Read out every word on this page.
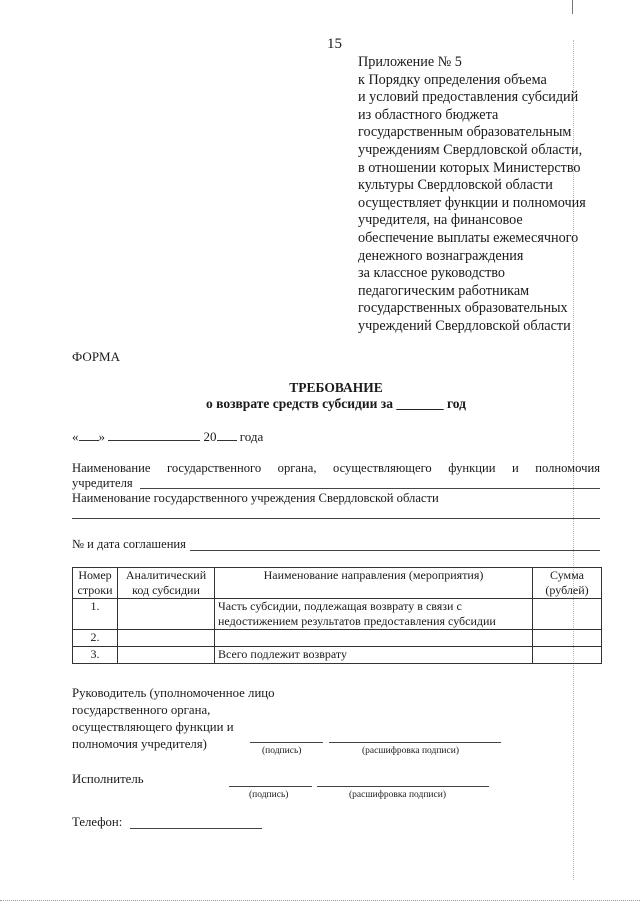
15
Приложение № 5
к Порядку определения объема
и условий предоставления субсидий
из областного бюджета
государственным образовательным
учреждениям Свердловской области,
в отношении которых Министерство
культуры Свердловской области
осуществляет функции и полномочия
учредителя, на финансовое
обеспечение выплаты ежемесячного
денежного вознаграждения
за классное руководство
педагогическим работникам
государственных образовательных
учреждений Свердловской области
ФОРМА
ТРЕБОВАНИЕ
о возврате средств субсидии за _______ год
« »	20 года
Наименование государственного органа, осуществляющего функции и полномочия
учредителя
Наименование государственного учреждения Свердловской области
№ и дата соглашения
Номер строки	Аналитический код субсидии	Наименование направления (мероприятия)	Сумма (рублей)
1.		Часть субсидии, подлежащая возврату в связи с недостижением результатов предоставления субсидии	
2.			
3.		Всего подлежит возврату	
Руководитель (уполномоченное лицо
государственного органа,
осуществляющего функции и
полномочия учредителя)	(подпись)	(расшифровка подписи)
Исполнитель
(подпись)	(расшифровка подписи)
Телефон:
